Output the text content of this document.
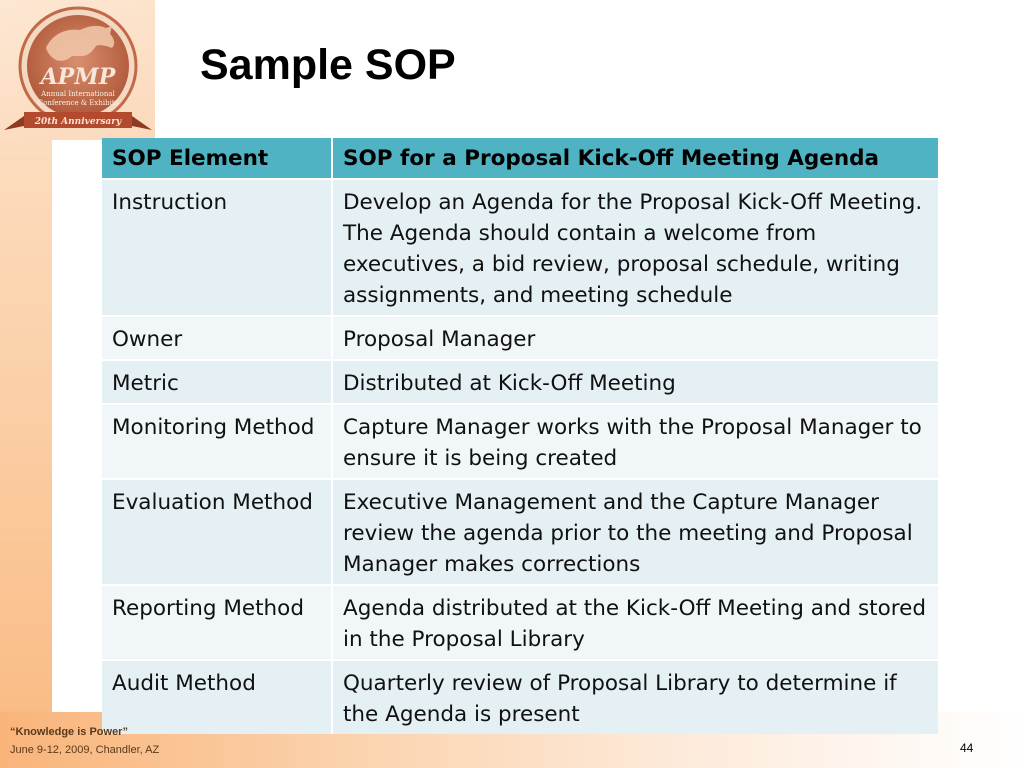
APMP
Annual International
Conference & Exhibits
20th Anniversary
Sample SOP
SOP Element	SOP for a Proposal Kick-Off Meeting Agenda
Instruction	Develop an Agenda for the Proposal Kick-Off Meeting. The Agenda should contain a welcome from executives, a bid review, proposal schedule, writing assignments, and meeting schedule
Owner	Proposal Manager
Metric	Distributed at Kick-Off Meeting
Monitoring Method	Capture Manager works with the Proposal Manager to ensure it is being created
Evaluation Method	Executive Management and the Capture Manager review the agenda prior to the meeting and Proposal Manager makes corrections
Reporting Method	Agenda distributed at the Kick-Off Meeting and stored in the Proposal Library
Audit Method	Quarterly review of Proposal Library to determine if the Agenda is present
“Knowledge is Power”
June 9-12, 2009, Chandler, AZ	44
